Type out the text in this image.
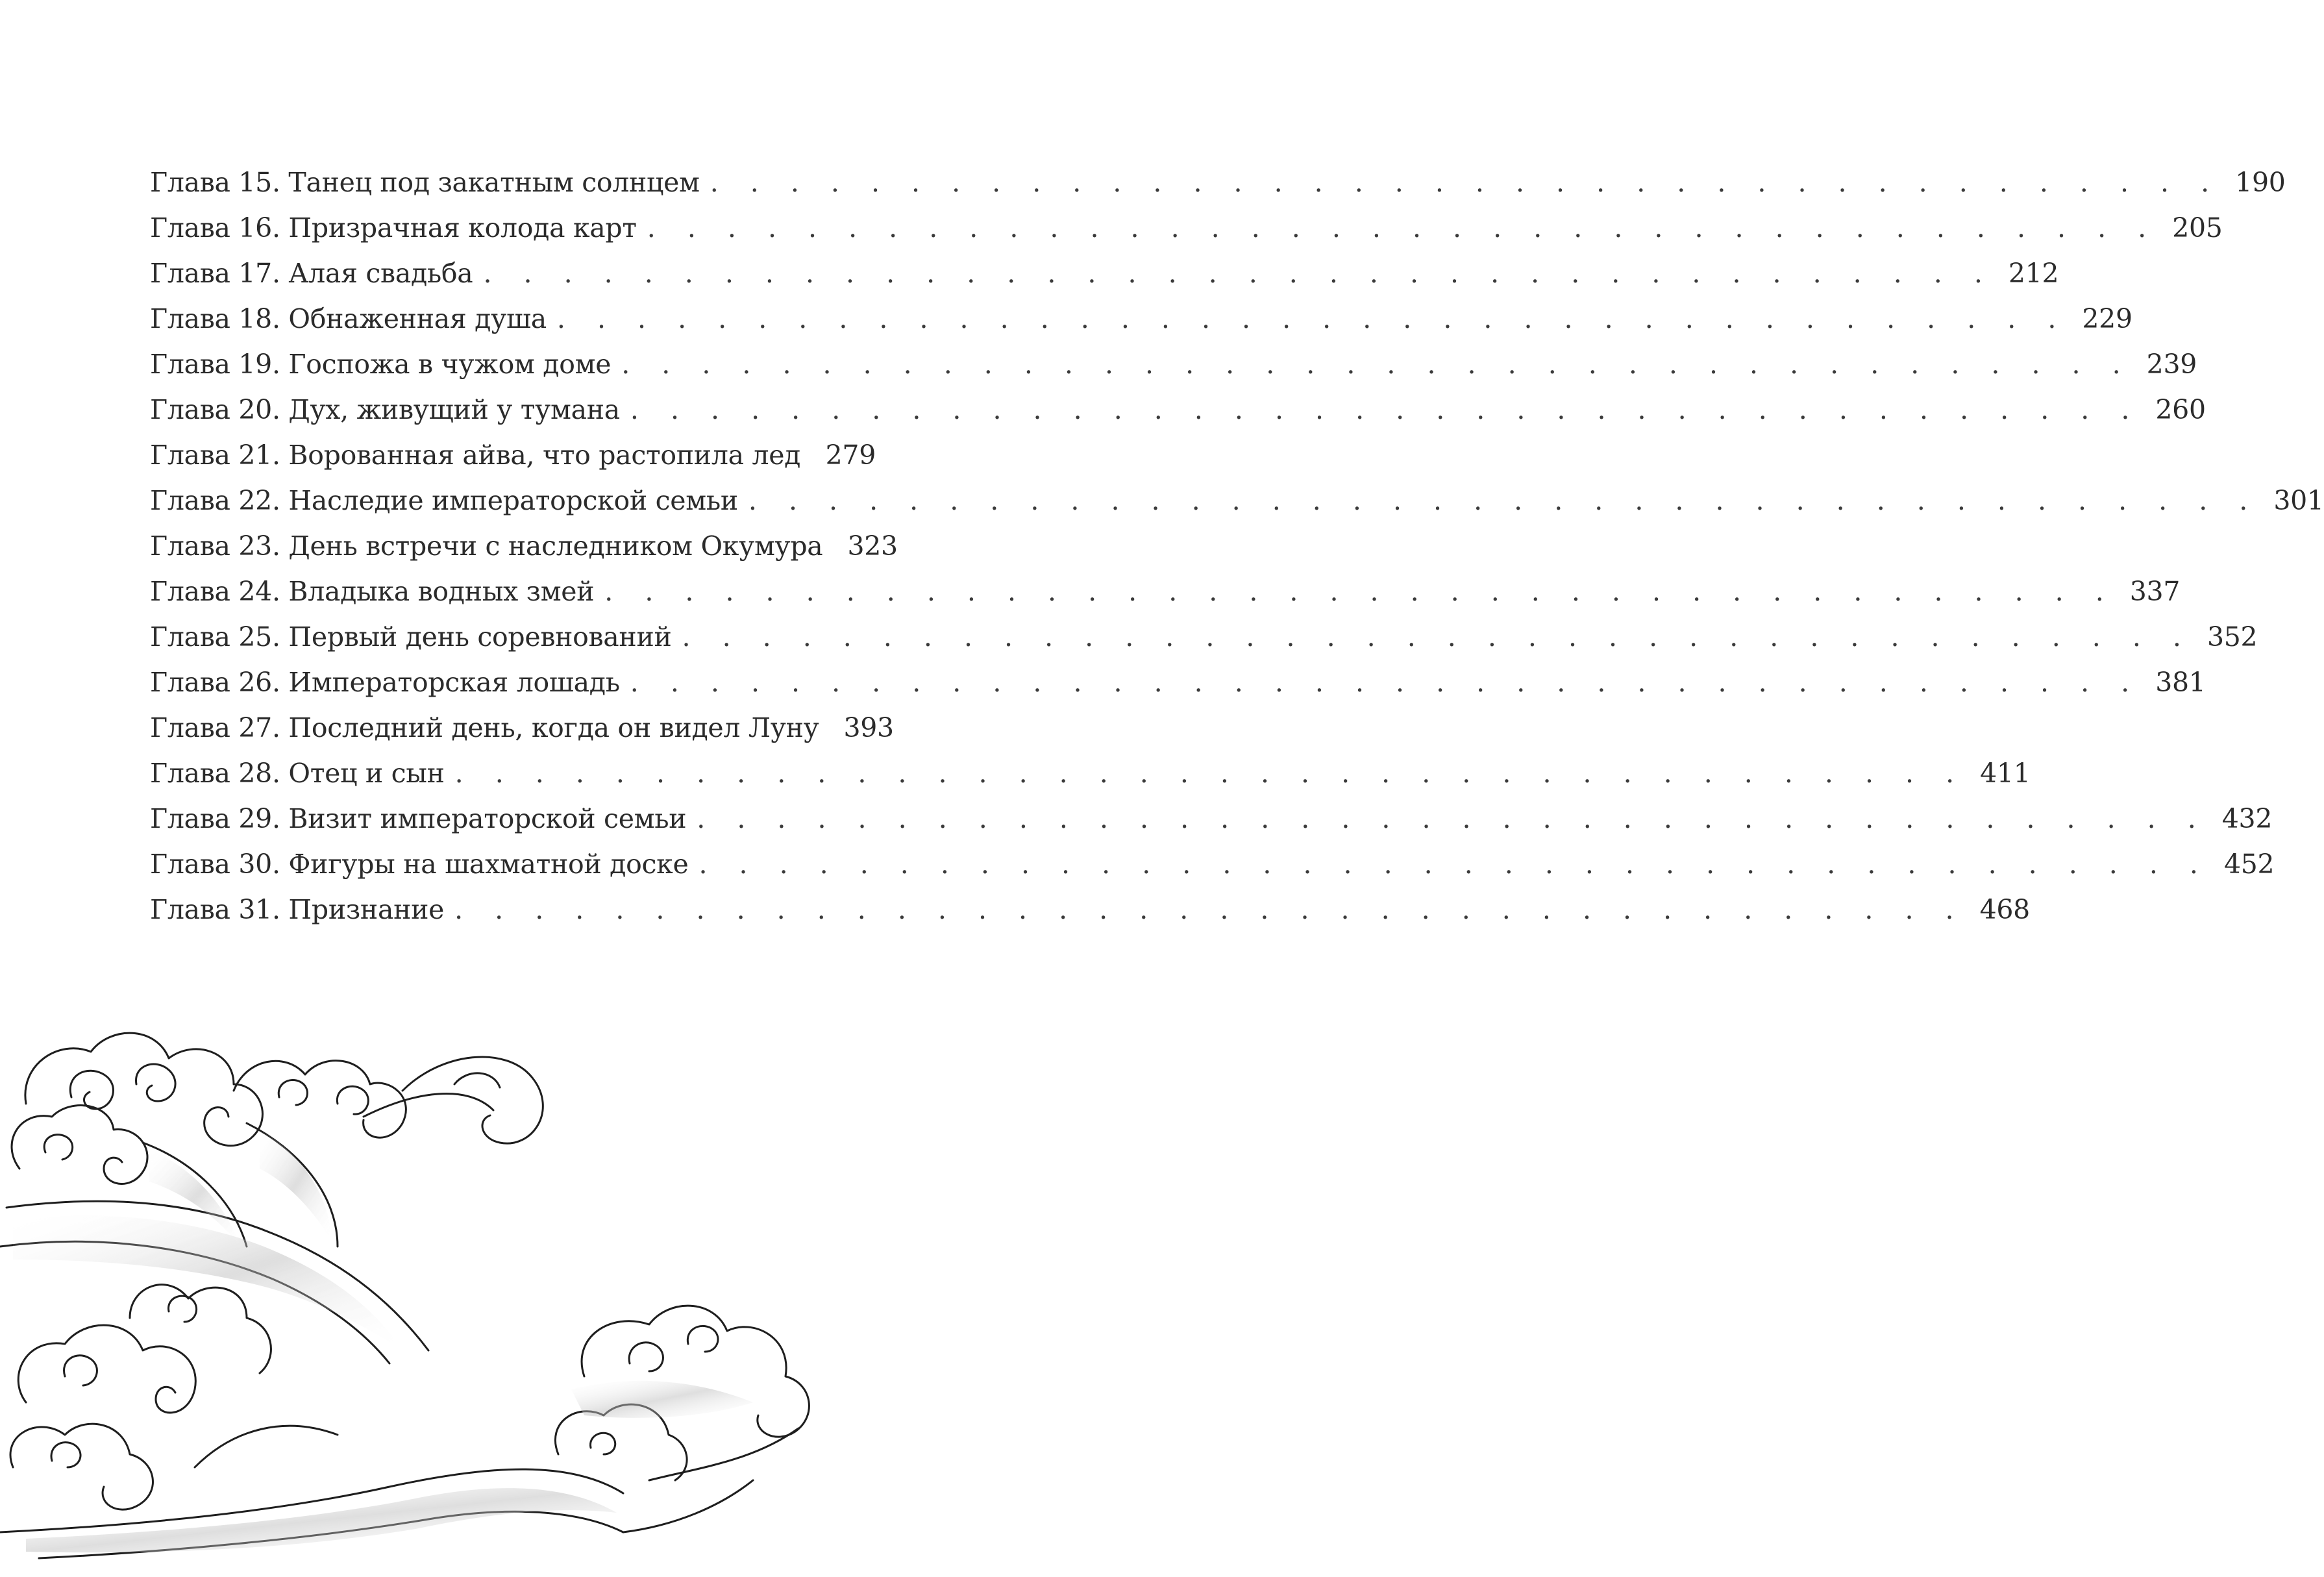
Глава 15. Танец под закатным солнцем . . . . . . . . . . . . . . . . . . . . . . . . . . . . . . . . . . . . . . 190
Глава 16. Призрачная колода карт . . . . . . . . . . . . . . . . . . . . . . . . . . . . . . . . . . . . . . 205
Глава 17. Алая свадьба . . . . . . . . . . . . . . . . . . . . . . . . . . . . . . . . . . . . . . 212
Глава 18. Обнаженная душа . . . . . . . . . . . . . . . . . . . . . . . . . . . . . . . . . . . . . . 229
Глава 19. Госпожа в чужом доме . . . . . . . . . . . . . . . . . . . . . . . . . . . . . . . . . . . . . . 239
Глава 20. Дух, живущий у тумана . . . . . . . . . . . . . . . . . . . . . . . . . . . . . . . . . . . . . . 260
Глава 21. Ворованная айва, что растопила лед 279
Глава 22. Наследие императорской семьи . . . . . . . . . . . . . . . . . . . . . . . . . . . . . . . . . . . . . . 301
Глава 23. День встречи с наследником Окумура 323
Глава 24. Владыка водных змей . . . . . . . . . . . . . . . . . . . . . . . . . . . . . . . . . . . . . . 337
Глава 25. Первый день соревнований . . . . . . . . . . . . . . . . . . . . . . . . . . . . . . . . . . . . . . 352
Глава 26. Императорская лошадь . . . . . . . . . . . . . . . . . . . . . . . . . . . . . . . . . . . . . . 381
Глава 27. Последний день, когда он видел Луну 393
Глава 28. Отец и сын . . . . . . . . . . . . . . . . . . . . . . . . . . . . . . . . . . . . . . 411
Глава 29. Визит императорской семьи . . . . . . . . . . . . . . . . . . . . . . . . . . . . . . . . . . . . . . 432
Глава 30. Фигуры на шахматной доске . . . . . . . . . . . . . . . . . . . . . . . . . . . . . . . . . . . . . . 452
Глава 31. Признание . . . . . . . . . . . . . . . . . . . . . . . . . . . . . . . . . . . . . . 468
